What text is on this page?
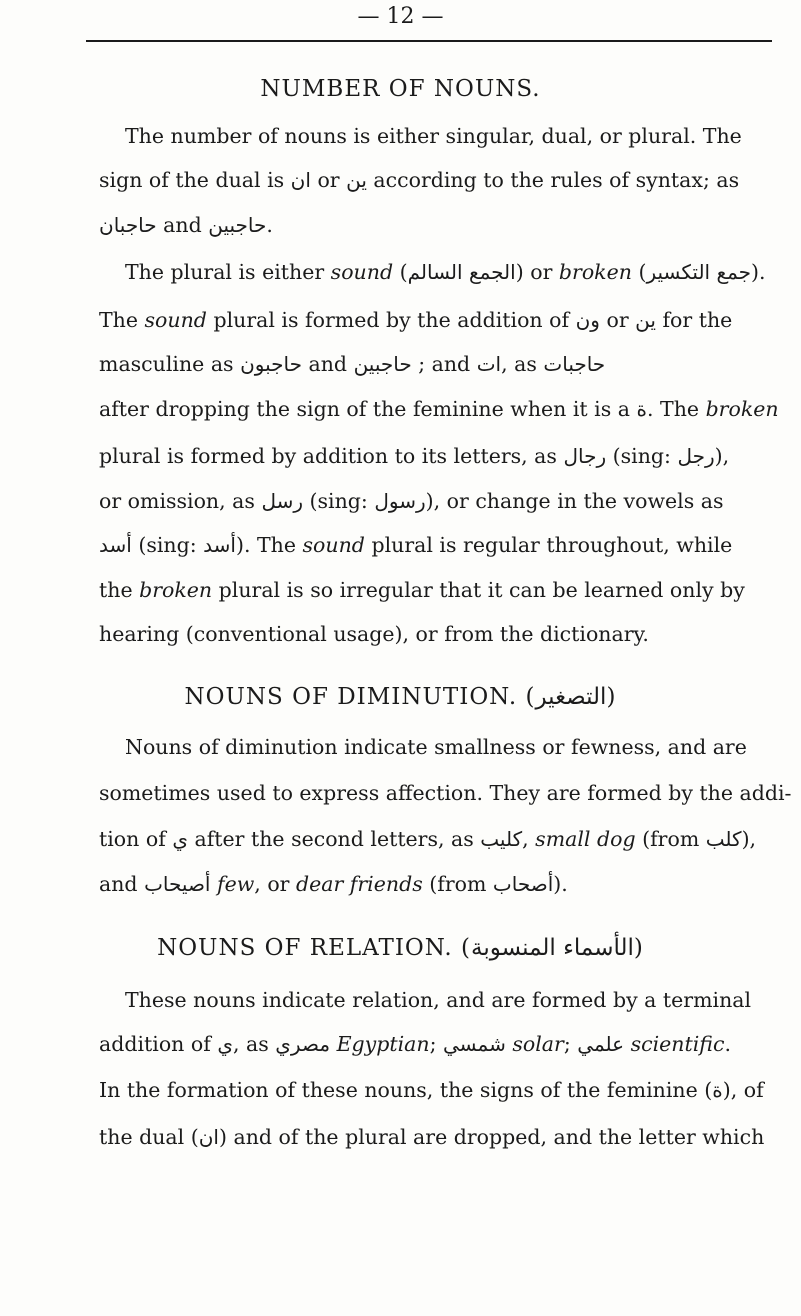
— 12 —
NUMBER OF NOUNS.
The number of nouns is either singular, dual, or plural. The
sign of the dual is ان or ين according to the rules of syntax; as
حاجبان and حاجبين.
The plural is either sound (الجمع السالم) or broken (جمع التكسير).
The sound plural is formed by the addition of ون or ين for the
masculine as حاجبون and حاجبين ; and ات, as حاجبات
after dropping the sign of the feminine when it is a ة. The broken
plural is formed by addition to its letters, as رجال (sing: رجل),
or omission, as رسل (sing: رسول), or change in the vowels as
أسد (sing: أسد). The sound plural is regular throughout, while
the broken plural is so irregular that it can be learned only by
hearing (conventional usage), or from the dictionary.
NOUNS OF DIMINUTION. (التصغير)
Nouns of diminution indicate smallness or fewness, and are
sometimes used to express affection. They are formed by the addi-
tion of ي after the second letters, as كليب, small dog (from كلب),
and أصيحاب few, or dear friends (from أصحاب).
NOUNS OF RELATION. (الأسماء المنسوبة)
These nouns indicate relation, and are formed by a terminal
addition of ي, as مصري Egyptian; شمسي solar; علمي scientific.
In the formation of these nouns, the signs of the feminine (ة), of
the dual (ان) and of the plural are dropped, and the letter which
